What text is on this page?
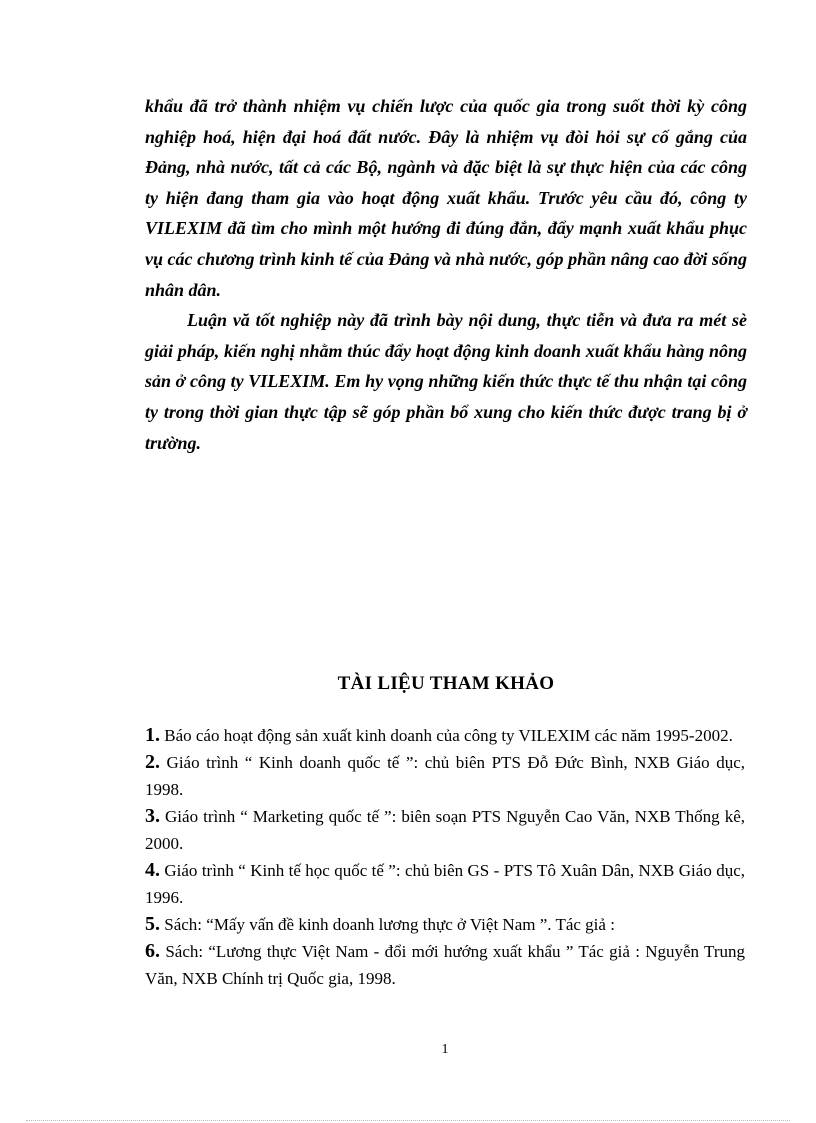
khẩu đã trở thành nhiệm vụ chiến lược của quốc gia trong suốt thời kỳ công nghiệp hoá, hiện đại hoá đất nước. Đây là nhiệm vụ đòi hỏi sự cố gắng của Đảng, nhà nước, tất cả các Bộ, ngành và đặc biệt là sự thực hiện của các công ty hiện đang tham gia vào hoạt động xuất khẩu. Trước yêu cầu đó, công ty VILEXIM đã tìm cho mình một hướng đi đúng đắn, đẩy mạnh xuất khẩu phục vụ các chương trình kinh tế của Đảng và nhà nước, góp phần nâng cao đời sống nhân dân.

Luận vă tốt nghiệp này đã trình bày nội dung, thực tiễn và đưa ra mét sè giải pháp, kiến nghị nhằm thúc đẩy hoạt động kinh doanh xuất khẩu hàng nông sản ở công ty VILEXIM. Em hy vọng những kiến thức thực tế thu nhận tại công ty trong thời gian thực tập sẽ góp phần bổ xung cho kiến thức được trang bị ở trường.

TÀI LIỆU THAM KHẢO
1. Báo cáo hoạt động sản xuất kinh doanh của công ty VILEXIM các năm 1995-2002.
2. Giáo trình “ Kinh doanh quốc tế ”: chủ biên PTS Đỗ Đức Bình, NXB Giáo dục, 1998.
3. Giáo trình “ Marketing quốc tế ”: biên soạn PTS Nguyễn Cao Văn, NXB Thống kê, 2000.
4. Giáo trình “ Kinh tế học quốc tế ”: chủ biên GS - PTS Tô Xuân Dân, NXB Giáo dục, 1996.
5. Sách: “Mấy vấn đề kinh doanh lương thực ở Việt Nam ”. Tác giả :
6. Sách: “Lương thực Việt Nam - đổi mới hướng xuất khẩu ” Tác giả : Nguyễn Trung Văn, NXB Chính trị Quốc gia, 1998.
1
